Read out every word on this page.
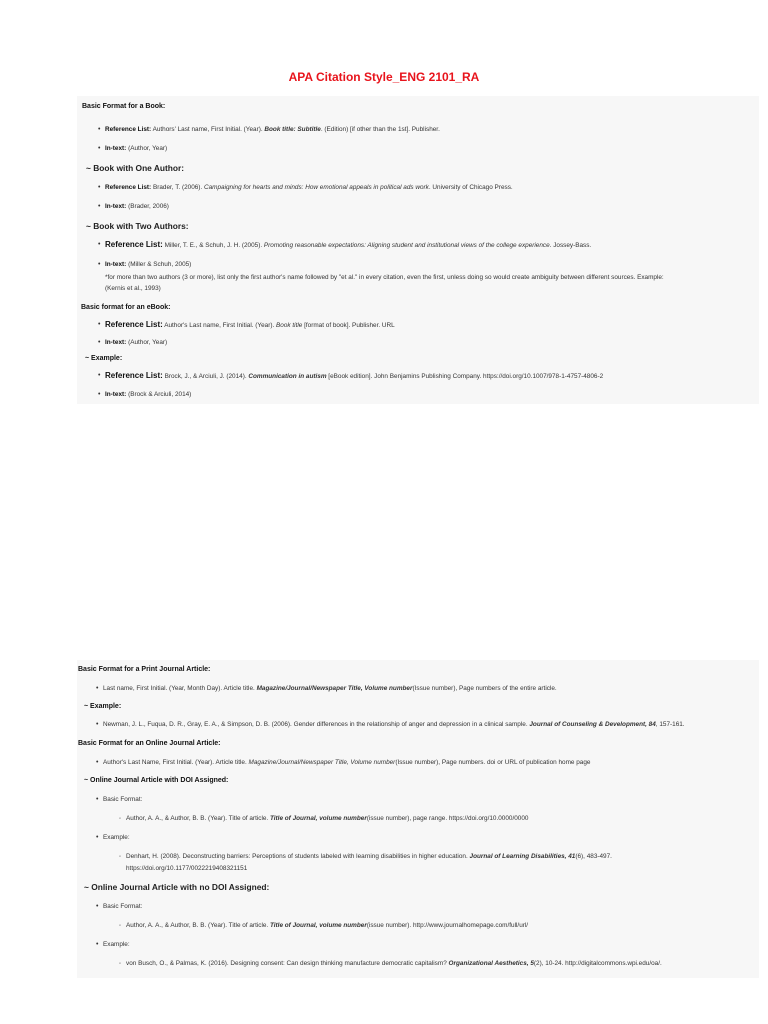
APA Citation Style_ENG 2101_RA
Basic Format for a Book:
• Reference List: Authors' Last name, First Initial. (Year). Book title: Subtitle. (Edition) [if other than the 1st]. Publisher.
• In-text: (Author, Year)
~ Book with One Author:
• Reference List: Brader, T. (2006). Campaigning for hearts and minds: How emotional appeals in political ads work. University of Chicago Press.
• In-text: (Brader, 2006)
~ Book with Two Authors:
• Reference List: Miller, T. E., & Schuh, J. H. (2005). Promoting reasonable expectations: Aligning student and institutional views of the college experience. Jossey-Bass.
• In-text: (Miller & Schuh, 2005)
*for more than two authors (3 or more), list only the first author's name followed by "et al." in every citation, even the first, unless doing so would create ambiguity between different sources. Example:
(Kernis et al., 1993)
Basic format for an eBook:
• Reference List: Author's Last name, First Initial. (Year). Book title [format of book]. Publisher. URL
• In-text: (Author, Year)
~ Example:
• Reference List: Brock, J., & Arciuli, J. (2014). Communication in autism [eBook edition]. John Benjamins Publishing Company. https://doi.org/10.1007/978-1-4757-4806-2
• In-text: (Brock & Arciuli, 2014)
Basic Format for a Print Journal Article:
• Last name, First Initial. (Year, Month Day). Article title. Magazine/Journal/Newspaper Title, Volume number(Issue number), Page numbers of the entire article.
~ Example:
• Newman, J. L., Fuqua, D. R., Gray, E. A., & Simpson, D. B. (2006). Gender differences in the relationship of anger and depression in a clinical sample. Journal of Counseling & Development, 84, 157-161.
Basic Format for an Online Journal Article:
• Author's Last Name, First Initial. (Year). Article title. Magazine/Journal/Newspaper Title, Volume number(Issue number), Page numbers. doi or URL of publication home page
~ Online Journal Article with DOI Assigned:
• Basic Format:
◦ Author, A. A., & Author, B. B. (Year). Title of article. Title of Journal, volume number(issue number), page range. https://doi.org/10.0000/0000
• Example:
◦ Denhart, H. (2008). Deconstructing barriers: Perceptions of students labeled with learning disabilities in higher education. Journal of Learning Disabilities, 41(6), 483-497.
https://doi.org/10.1177/0022219408321151
~ Online Journal Article with no DOI Assigned:
• Basic Format:
◦ Author, A. A., & Author, B. B. (Year). Title of article. Title of Journal, volume number(issue number). http://www.journalhomepage.com/full/url/
• Example:
◦ von Busch, O., & Palmas, K. (2016). Designing consent: Can design thinking manufacture democratic capitalism? Organizational Aesthetics, 5(2), 10-24. http://digitalcommons.wpi.edu/oa/.
